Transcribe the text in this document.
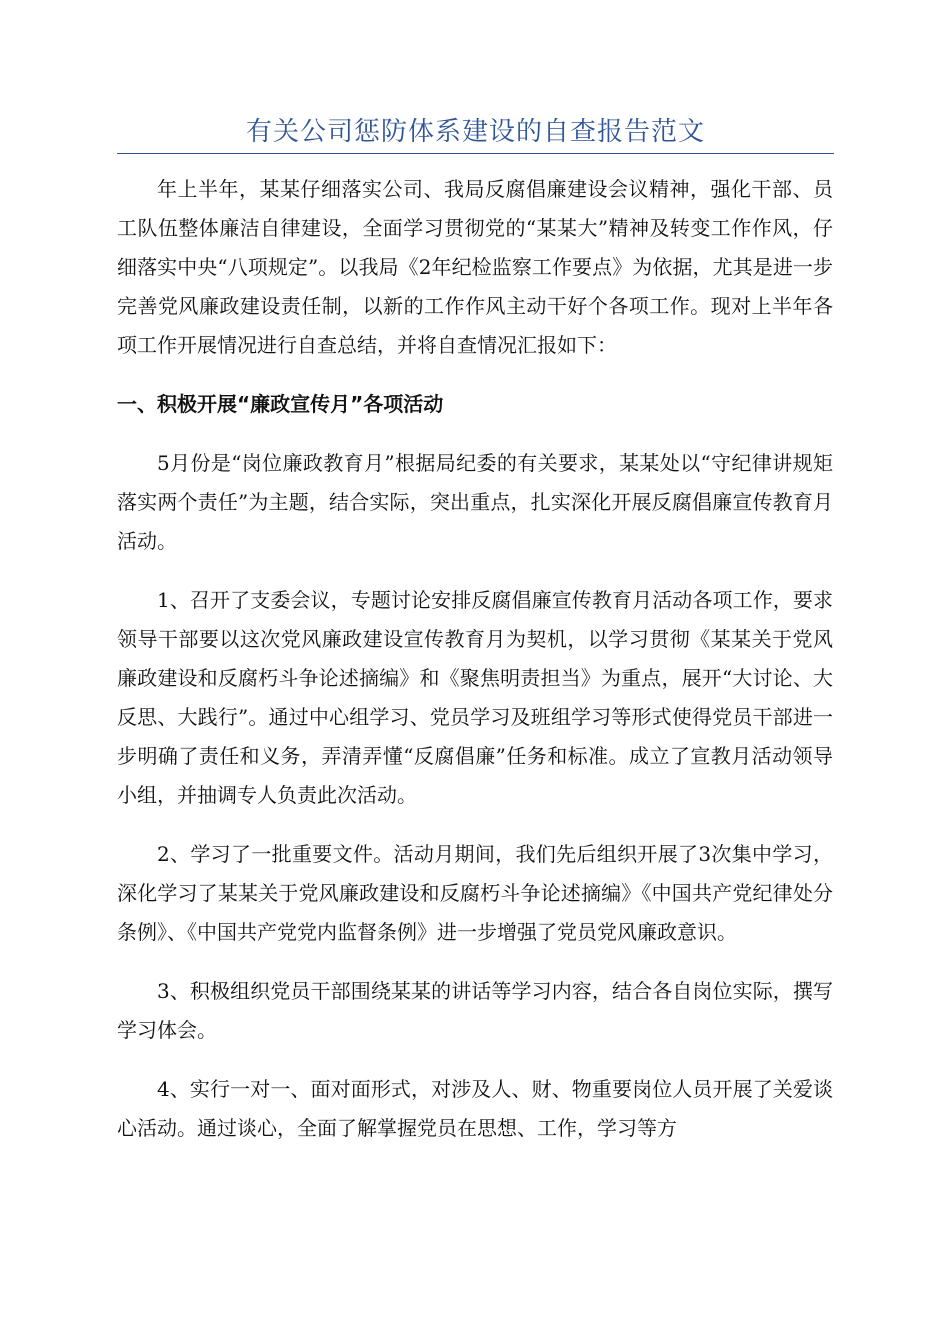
有关公司惩防体系建设的自查报告范文

年上半年，某某仔细落实公司、我局反腐倡廉建设会议精神，强化干部、员工队伍整体廉洁自律建设，全面学习贯彻党的“某某大”精神及转变工作作风，仔细落实中央“八项规定”。以我局《2年纪检监察工作要点》为依据，尤其是进一步完善党风廉政建设责任制，以新的工作作风主动干好个各项工作。现对上半年各项工作开展情况进行自查总结，并将自查情况汇报如下：

一、积极开展“廉政宣传月”各项活动

5月份是“岗位廉政教育月”根据局纪委的有关要求，某某处以“守纪律讲规矩落实两个责任”为主题，结合实际，突出重点，扎实深化开展反腐倡廉宣传教育月活动。

1、召开了支委会议，专题讨论安排反腐倡廉宣传教育月活动各项工作，要求领导干部要以这次党风廉政建设宣传教育月为契机，以学习贯彻《某某关于党风廉政建设和反腐朽斗争论述摘编》和《聚焦明责担当》为重点，展开“大讨论、大反思、大践行”。通过中心组学习、党员学习及班组学习等形式使得党员干部进一步明确了责任和义务，弄清弄懂“反腐倡廉”任务和标准。成立了宣教月活动领导小组，并抽调专人负责此次活动。

2、学习了一批重要文件。活动月期间，我们先后组织开展了3次集中学习，深化学习了某某关于党风廉政建设和反腐朽斗争论述摘编》《中国共产党纪律处分条例》、《中国共产党党内监督条例》进一步增强了党员党风廉政意识。

3、积极组织党员干部围绕某某的讲话等学习内容，结合各自岗位实际，撰写学习体会。

4、实行一对一、面对面形式，对涉及人、财、物重要岗位人员开展了关爱谈心活动。通过谈心，全面了解掌握党员在思想、工作，学习等方
